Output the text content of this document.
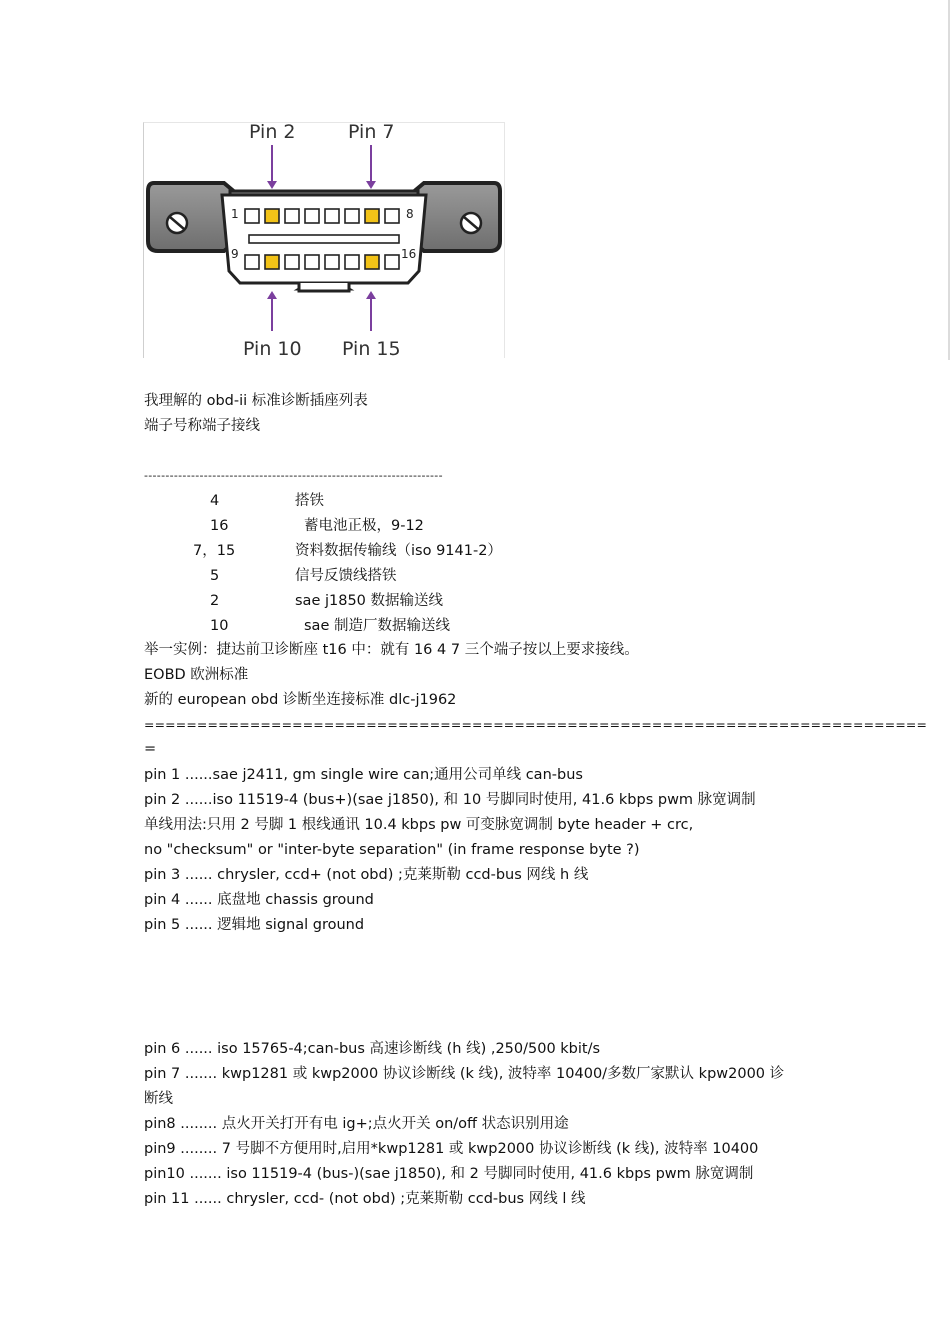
Pin 2	Pin 7
1	8
9	16
Pin 10 Pin 15
我理解的 obd-ii 标准诊断插座列表
端子号称端子接线
----------------------------------------------------------------------
4	搭铁
16	蓄电池正极，9-12
7，15	资料数据传输线（iso 9141-2）
5	信号反馈线搭铁
2	sae j1850 数据输送线
10	sae 制造厂数据输送线
举一实例：捷达前卫诊断座 t16 中：就有 16 4 7 三个端子按以上要求接线。
EOBD 欧洲标准
新的 european obd 诊断坐连接标准 dlc-j1962
==========================================================================
=
pin 1 ......sae j2411, gm single wire can;通用公司单线 can-bus
pin 2 ......iso 11519-4 (bus+)(sae j1850), 和 10 号脚同时使用, 41.6 kbps pwm 脉宽调制
单线用法:只用 2 号脚 1 根线通讯 10.4 kbps pw 可变脉宽调制 byte header + crc,
no "checksum" or "inter-byte separation" (in frame response byte ?)
pin 3 ...... chrysler, ccd+ (not obd) ;克莱斯勒 ccd-bus 网线 h 线
pin 4 ...... 底盘地 chassis ground
pin 5 ...... 逻辑地 signal ground
pin 6 ...... iso 15765-4;can-bus 高速诊断线 (h 线) ,250/500 kbit/s
pin 7 ....... kwp1281 或 kwp2000 协议诊断线 (k 线), 波特率 10400/多数厂家默认 kpw2000 诊
断线
pin8 ........ 点火开关打开有电 ig+;点火开关 on/off 状态识别用途
pin9 ........ 7 号脚不方便用时,启用*kwp1281 或 kwp2000 协议诊断线 (k 线), 波特率 10400
pin10 ....... iso 11519-4 (bus-)(sae j1850), 和 2 号脚同时使用, 41.6 kbps pwm 脉宽调制
pin 11 ...... chrysler, ccd- (not obd) ;克莱斯勒 ccd-bus 网线 l 线
